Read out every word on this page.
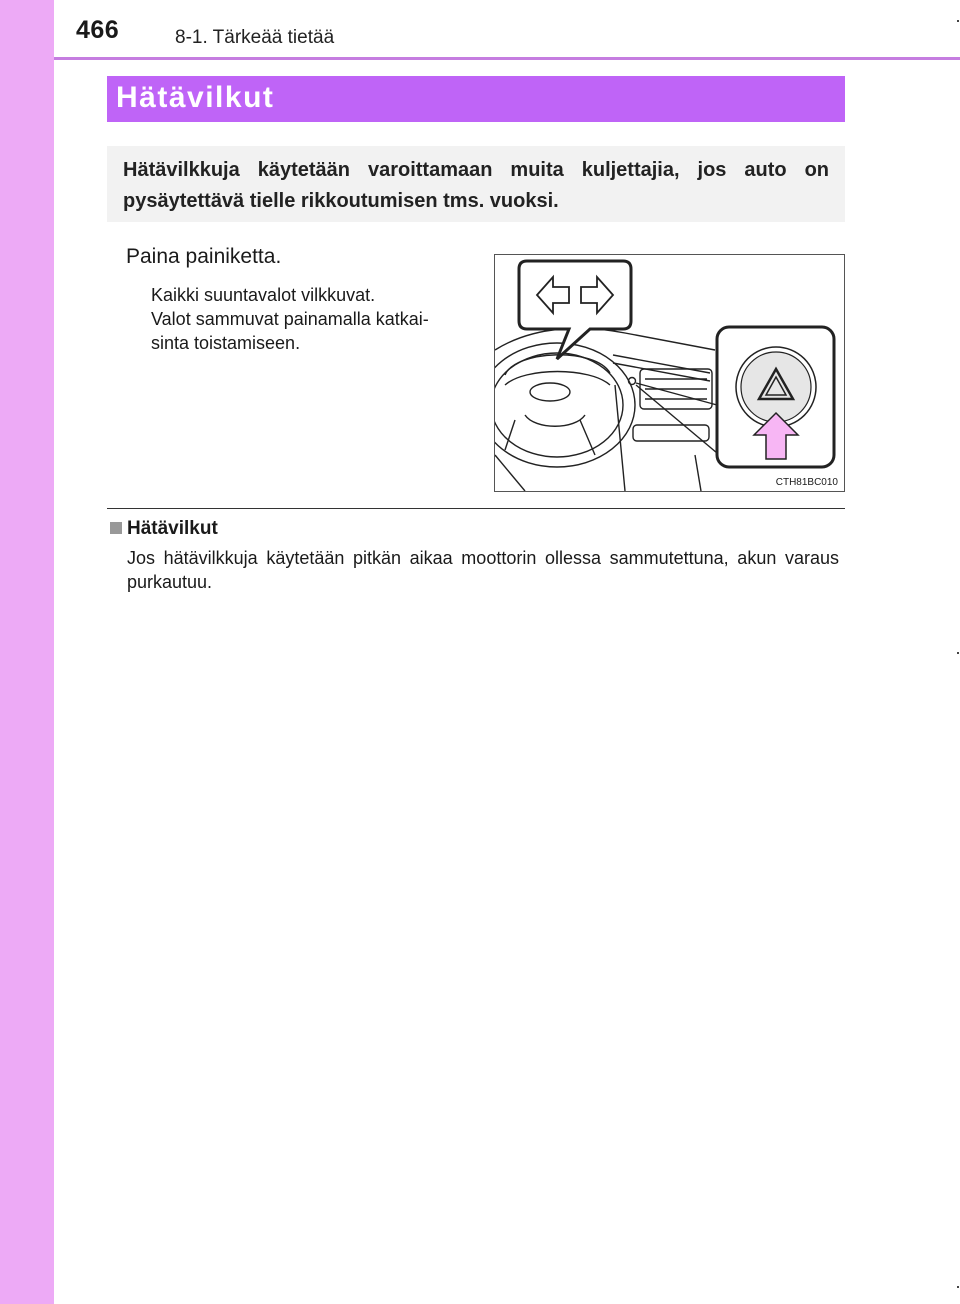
466	8-1. Tärkeää tietää
Hätävilkut
Hätävilkkuja käytetään varoittamaan muita kuljettajia, jos auto on pysäytettävä tielle rikkoutumisen tms. vuoksi.
Paina painiketta.
Kaikki suuntavalot vilkkuvat.
Valot sammuvat painamalla katkai-
sinta toistamiseen.
CTH81BC010
Hätävilkut
Jos hätävilkkuja käytetään pitkän aikaa moottorin ollessa sammutettuna, akun varaus purkautuu.
